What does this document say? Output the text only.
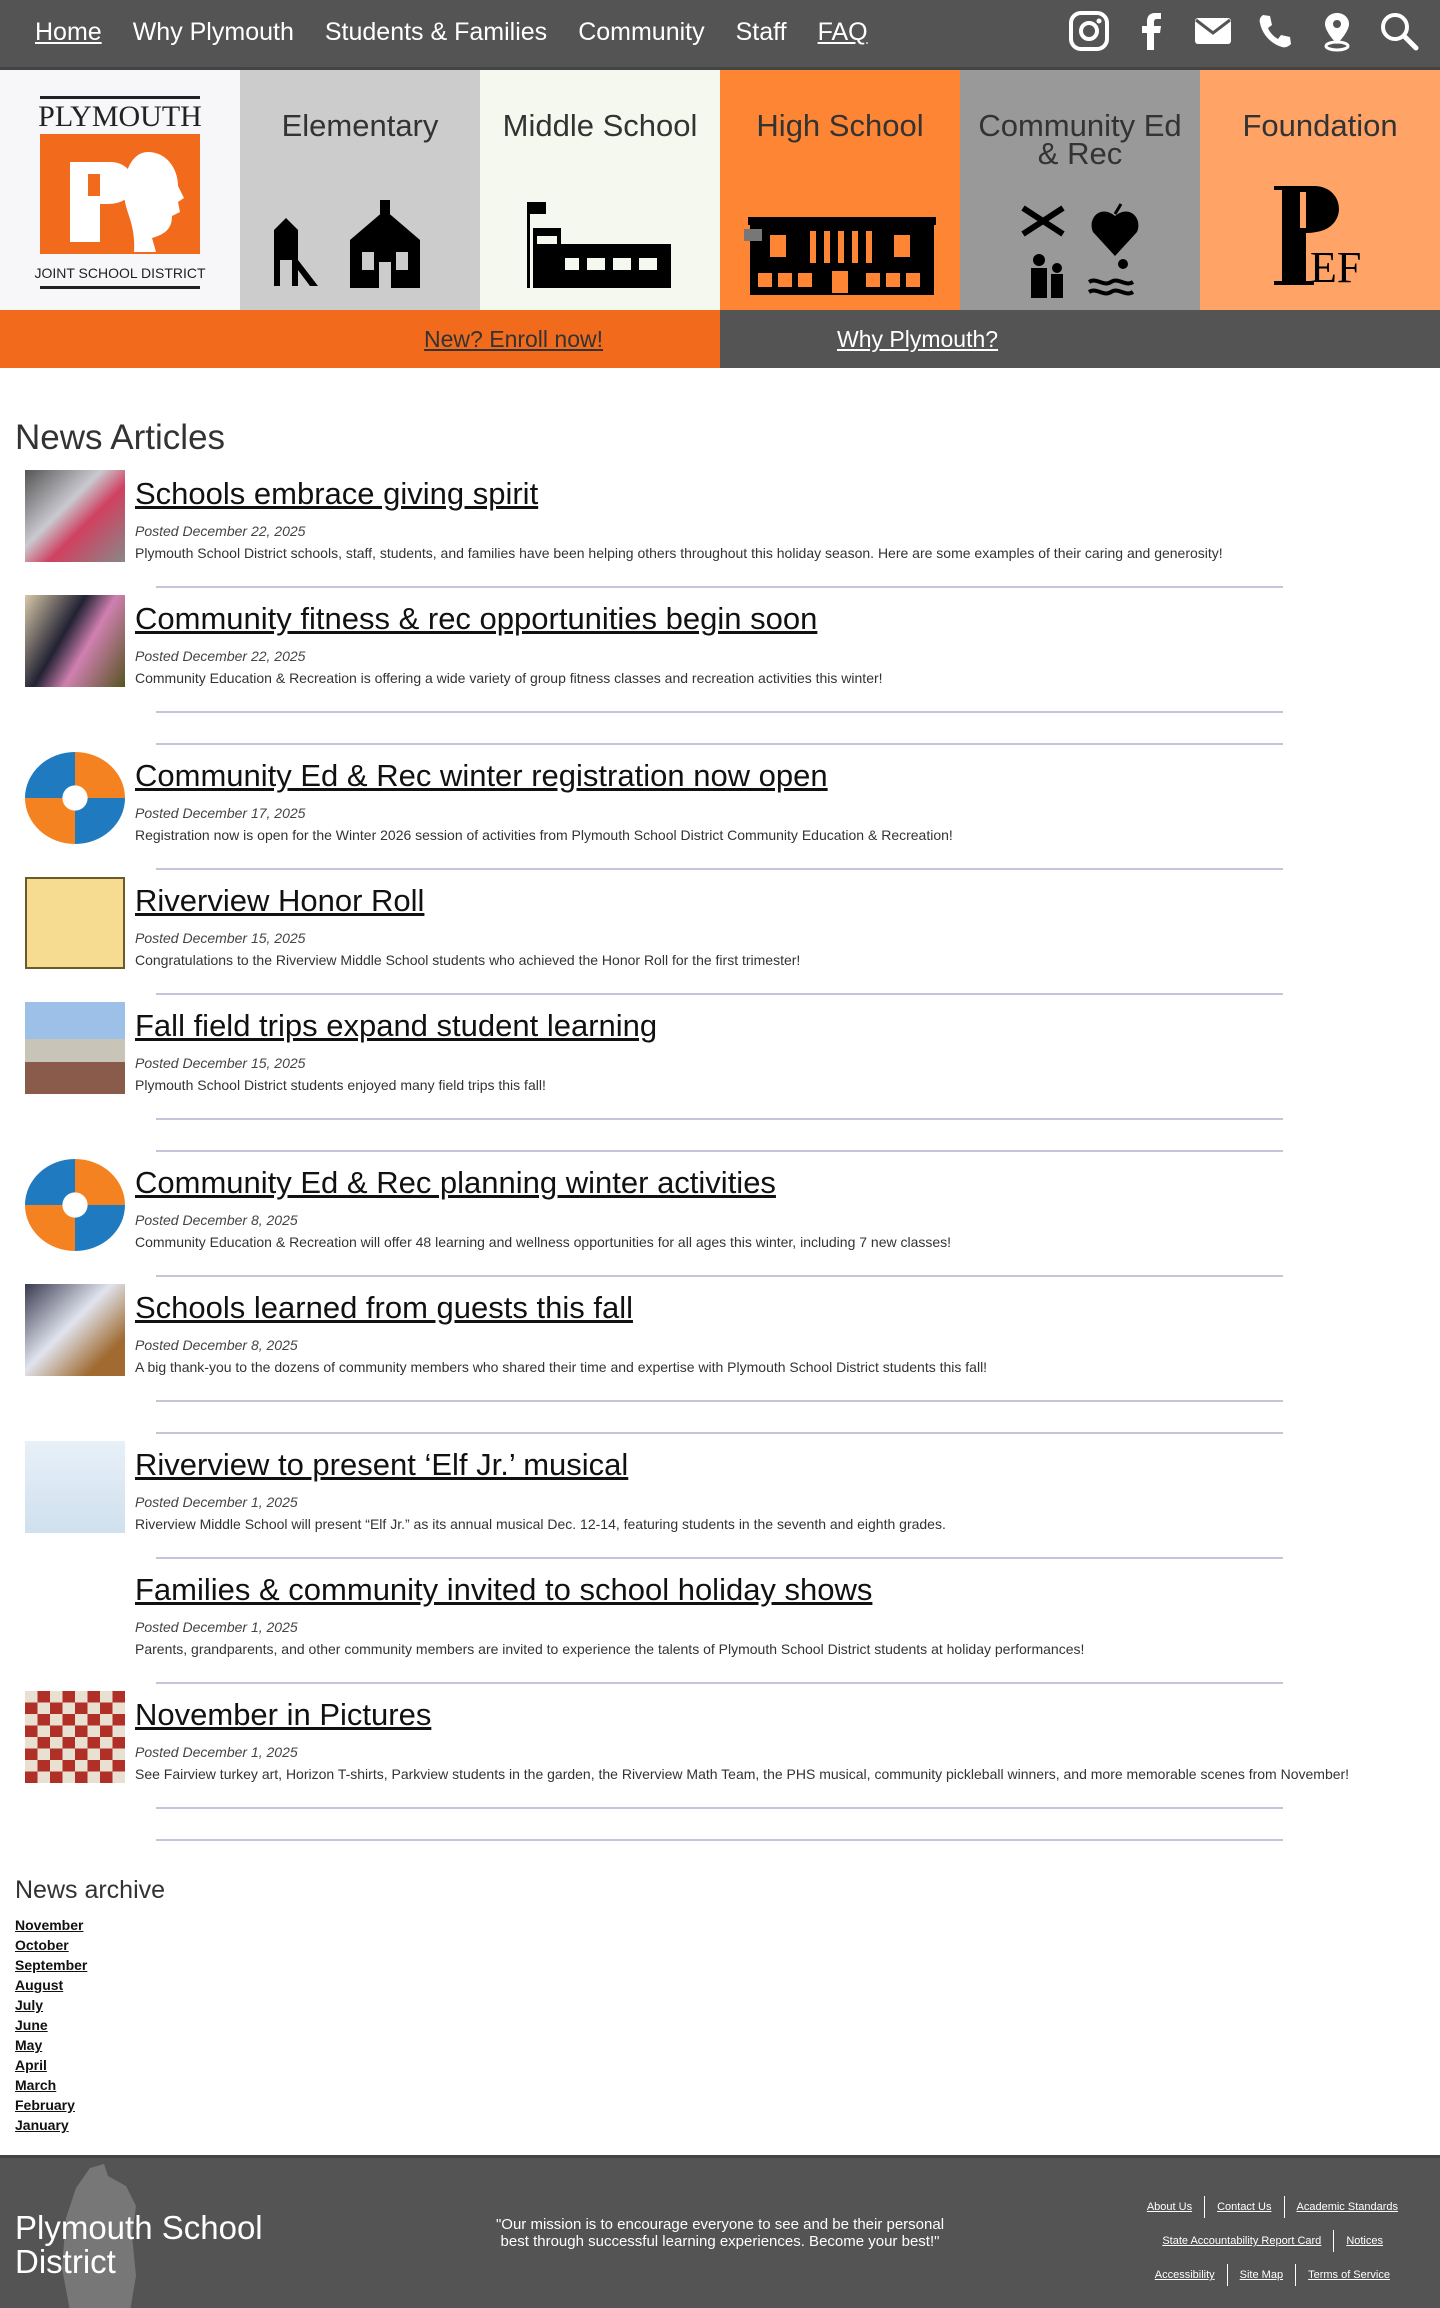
Home Why Plymouth Students & Families Community Staff FAQ
PLYMOUTH
JOINT SCHOOL DISTRICT
Elementary	Middle School	High School	Community Ed & Rec
Foundation
EF
New? Enroll now!	Why Plymouth?
News Articles
Schools embrace giving spirit
Posted December 22, 2025
Plymouth School District schools, staff, students, and families have been helping others throughout this holiday season. Here are some examples of their caring and generosity!
Community fitness & rec opportunities begin soon
Posted December 22, 2025
Community Education & Recreation is offering a wide variety of group fitness classes and recreation activities this winter!
Community Ed & Rec winter registration now open
Posted December 17, 2025
Registration now is open for the Winter 2026 session of activities from Plymouth School District Community Education & Recreation!
Riverview Honor Roll
Posted December 15, 2025
Congratulations to the Riverview Middle School students who achieved the Honor Roll for the first trimester!
Fall field trips expand student learning
Posted December 15, 2025
Plymouth School District students enjoyed many field trips this fall!
Community Ed & Rec planning winter activities
Posted December 8, 2025
Community Education & Recreation will offer 48 learning and wellness opportunities for all ages this winter, including 7 new classes!
Schools learned from guests this fall
Posted December 8, 2025
A big thank-you to the dozens of community members who shared their time and expertise with Plymouth School District students this fall!
Riverview to present ‘Elf Jr.’ musical
Posted December 1, 2025
Riverview Middle School will present “Elf Jr.” as its annual musical Dec. 12-14, featuring students in the seventh and eighth grades.
Families & community invited to school holiday shows
Posted December 1, 2025
Parents, grandparents, and other community members are invited to experience the talents of Plymouth School District students at holiday performances!
November in Pictures
Posted December 1, 2025
See Fairview turkey art, Horizon T-shirts, Parkview students in the garden, the Riverview Math Team, the PHS musical, community pickleball winners, and more memorable scenes from November!
News archive
November
October
September
August
July
June
May
April
March
February
January
Plymouth School District
"Our mission is to encourage everyone to see and be their personal best through successful learning experiences. Become your best!"
About Us	Contact Us	Academic Standards
State Accountability Report Card	Notices
Accessibility	Site Map	Terms of Service
